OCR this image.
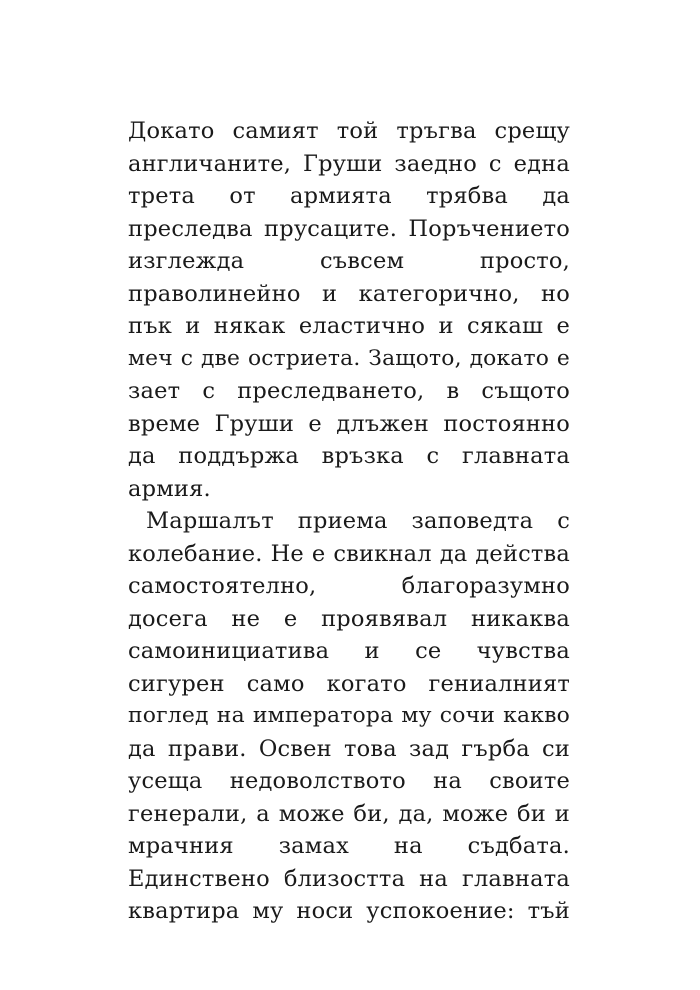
Докато самият той тръгва срещу
англичаните, Груши заедно с една
трета от армията трябва да
преследва прусаците. Поръчението
изглежда съвсем просто,
праволинейно и категорично, но
пък и някак еластично и сякаш е
меч с две остриета. Защото, докато е
зает с преследването, в същото
време Груши е длъжен постоянно
да поддържа връзка с главната
армия.
Маршалът приема заповедта с
колебание. Не е свикнал да действа
самостоятелно, благоразумно
досега не е проявявал никаква
самоинициатива и се чувства
сигурен само когато гениалният
поглед на императора му сочи какво
да прави. Освен това зад гърба си
усеща недоволството на своите
генерали, а може би, да, може би и
мрачния замах на съдбата.
Единствено близостта на главната
квартира му носи успокоение: тъй
